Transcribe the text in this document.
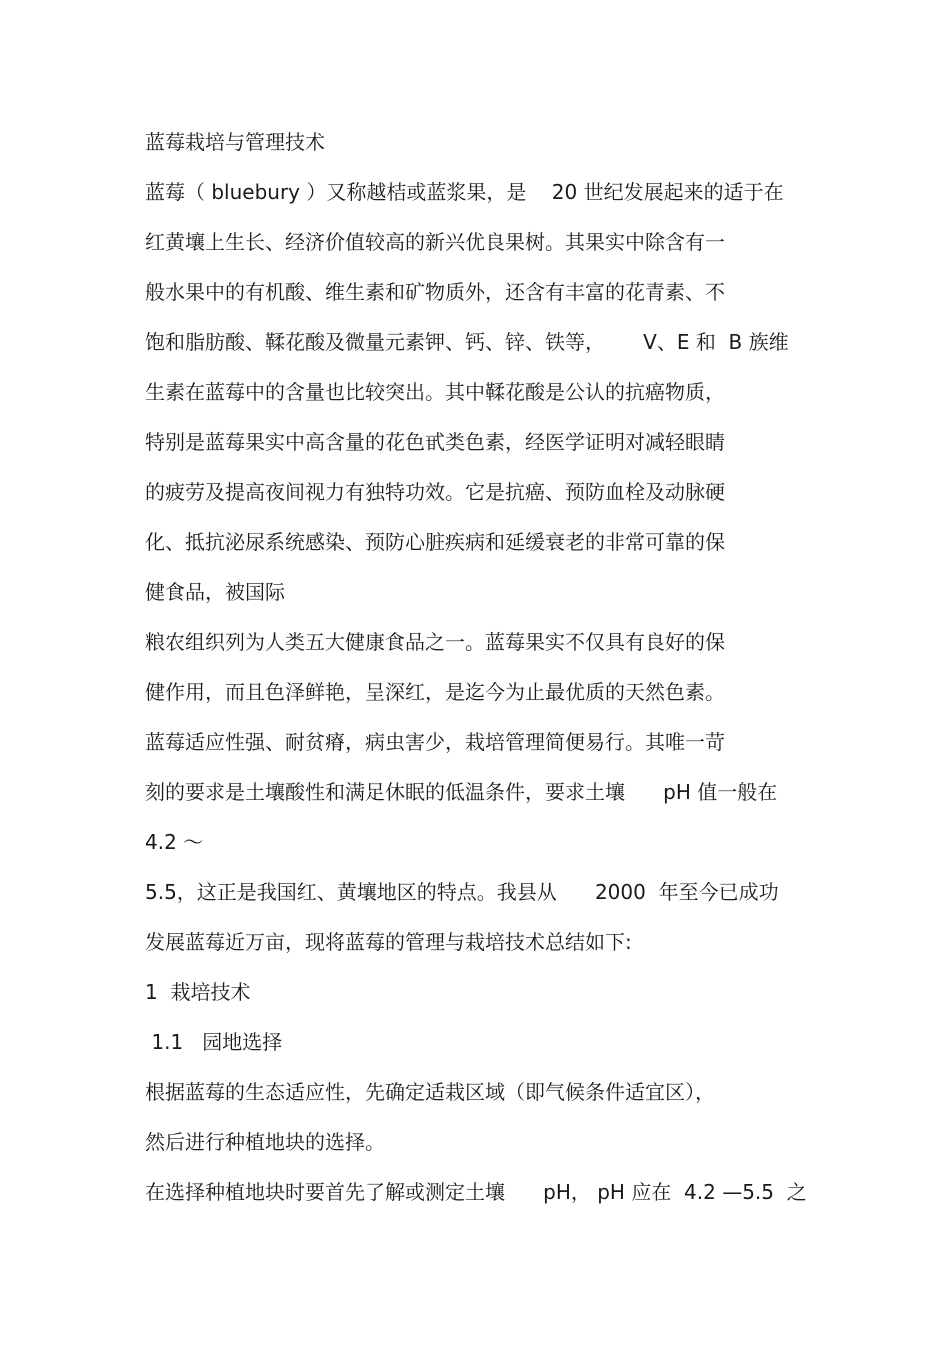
蓝莓栽培与管理技术
蓝莓（ bluebury ）又称越桔或蓝浆果，是    20 世纪发展起来的适于在
红黄壤上生长、经济价值较高的新兴优良果树。其果实中除含有一
般水果中的有机酸、维生素和矿物质外，还含有丰富的花青素、不
饱和脂肪酸、鞣花酸及微量元素钾、钙、锌、铁等，      V、E 和  B 族维
生素在蓝莓中的含量也比较突出。其中鞣花酸是公认的抗癌物质，
特别是蓝莓果实中高含量的花色甙类色素，经医学证明对减轻眼睛
的疲劳及提高夜间视力有独特功效。它是抗癌、预防血栓及动脉硬
化、抵抗泌尿系统感染、预防心脏疾病和延缓衰老的非常可靠的保
健食品，被国际
粮农组织列为人类五大健康食品之一。蓝莓果实不仅具有良好的保
健作用，而且色泽鲜艳，呈深红，是迄今为止最优质的天然色素。
蓝莓适应性强、耐贫瘠，病虫害少，栽培管理简便易行。其唯一苛
刻的要求是土壤酸性和满足休眠的低温条件，要求土壤      pH 值一般在
4.2 ～
5.5，这正是我国红、黄壤地区的特点。我县从      2000  年至今已成功
发展蓝莓近万亩，现将蓝莓的管理与栽培技术总结如下:
1  栽培技术
1.1   园地选择
根据蓝莓的生态适应性，先确定适栽区域（即气候条件适宜区），
然后进行种植地块的选择。
在选择种植地块时要首先了解或测定土壤      pH， pH 应在  4.2 —5.5  之
